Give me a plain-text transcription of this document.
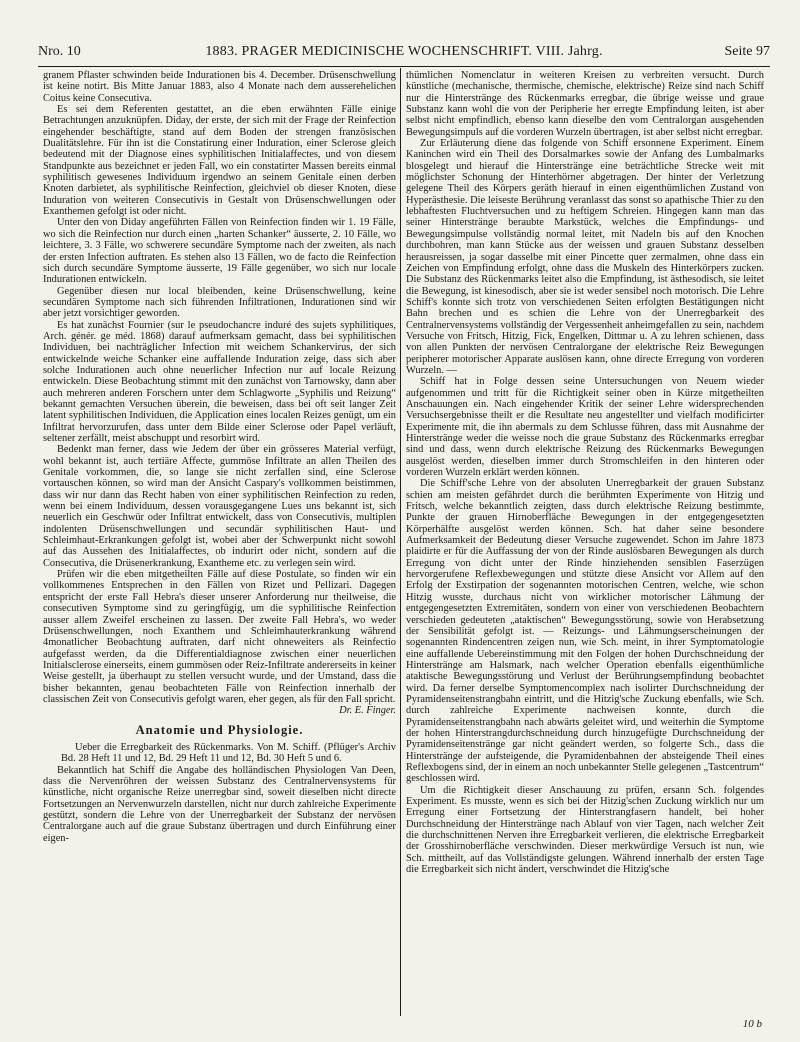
Nro. 10	1883. PRAGER MEDICINISCHE WOCHENSCHRIFT. VIII. Jahrg.	Seite 97

granem Pflaster schwinden beide Indurationen bis 4. December. Drüsenschwellung ist keine notirt. Bis Mitte Januar 1883, also 4 Monate nach dem ausserehelichen Coitus keine Consecutiva.

Es sei dem Referenten gestattet, an die eben erwähnten Fälle einige Betrachtungen anzuknüpfen. Diday, der erste, der sich mit der Frage der Reinfection eingehender beschäftigte, stand auf dem Boden der strengen französischen Dualitätslehre. Für ihn ist die Constatirung einer Induration, einer Sclerose gleich bedeutend mit der Diagnose eines syphilitischen Initialaffectes, und von diesem Standpunkte aus bezeichnet er jeden Fall, wo ein constatirter Massen bereits einmal syphilitisch gewesenes Individuum irgendwo an seinem Genitale einen derben Knoten darbietet, als syphilitische Reinfection, gleichviel ob dieser Knoten, diese Induration von weiteren Consecutivis in Gestalt von Drüsenschwellungen oder Exanthemen gefolgt ist oder nicht.

Unter den von Diday angeführten Fällen von Reinfection finden wir 1. 19 Fälle, wo sich die Reinfection nur durch einen „harten Schanker“ äusserte, 2. 10 Fälle, wo leichtere, 3. 3 Fälle, wo schwerere secundäre Symptome nach der zweiten, als nach der ersten Infection auftraten. Es stehen also 13 Fällen, wo de facto die Reinfection sich durch secundäre Symptome äusserte, 19 Fälle gegenüber, wo sich nur locale Indurationen entwickeln.

Gegenüber diesen nur local bleibenden, keine Drüsenschwellung, keine secundären Symptome nach sich führenden Infiltrationen, Indurationen sind wir aber jetzt vorsichtiger geworden.

Es hat zunächst Fournier (sur le pseudochancre induré des sujets syphilitiques, Arch. génér. ge méd. 1868) darauf aufmerksam gemacht, dass bei syphilitischen Individuen, bei nachträglicher Infection mit weichem Schankervirus, der sich entwickelnde weiche Schanker eine auffallende Induration zeige, dass sich aber solche Indurationen auch ohne neuerlicher Infection nur auf locale Reizung entwickeln. Diese Beobachtung stimmt mit den zunächst von Tarnowsky, dann aber auch mehreren anderen Forschern unter dem Schlagworte „Syphilis und Reizung“ bekannt gemachten Versuchen überein, die beweisen, dass bei oft seit langer Zeit latent syphilitischen Individuen, die Application eines localen Reizes genügt, um ein Infiltrat hervorzurufen, dass unter dem Bilde einer Sclerose oder Papel verläuft, seltener zerfällt, meist abschuppt und resorbirt wird.

Bedenkt man ferner, dass wie Jedem der über ein grösseres Material verfügt, wohl bekannt ist, auch tertiäre Affecte, gummöse Infiltrate an allen Theilen des Genitale vorkommen, die, so lange sie nicht zerfallen sind, eine Sclerose vortauschen können, so wird man der Ansicht Caspary's vollkommen beistimmen, dass wir nur dann das Recht haben von einer syphilitischen Reinfection zu reden, wenn bei einem Individuum, dessen vorausgegangene Lues uns bekannt ist, sich neuerlich ein Geschwür oder Infiltrat entwickelt, dass von Consecutivis, multiplen indolenten Drüsenschwellungen und secundär syphilitischen Haut- und Schleimhaut-Erkrankungen gefolgt ist, wobei aber der Schwerpunkt nicht sowohl auf das Aussehen des Initialaffectes, ob indurirt oder nicht, sondern auf die Consecutiva, die Drüsenerkrankung, Exantheme etc. zu verlegen sein wird.

Prüfen wir die eben mitgetheilten Fälle auf diese Postulate, so finden wir ein vollkommenes Entsprechen in den Fällen von Rizet und Pellizari. Dagegen entspricht der erste Fall Hebra's dieser unserer Anforderung nur theilweise, die consecutiven Symptome sind zu geringfügig, um die syphilitische Reinfection ausser allem Zweifel erscheinen zu lassen. Der zweite Fall Hebra's, wo weder Drüsenschwellungen, noch Exanthem und Schleimhauterkrankung während 4monatlicher Beobachtung auftraten, darf nicht ohneweiters als Reinfectio aufgefasst werden, da die Differentialdiagnose zwischen einer neuerlichen Initialsclerose einerseits, einem gummösen oder Reiz-Infiltrate andererseits in keiner Weise gestellt, ja überhaupt zu stellen versucht wurde, und der Umstand, dass die bisher bekannten, genau beobachteten Fälle von Reinfection innerhalb der classischen Zeit von Consecutivis gefolgt waren, eher gegen, als für den Fall spricht.

Dr. E. Finger.
Anatomie und Physiologie.

Ueber die Erregbarkeit des Rückenmarks. Von M. Schiff. (Pflüger's Archiv Bd. 28 Heft 11 und 12, Bd. 29 Heft 11 und 12, Bd. 30 Heft 5 und 6.

Bekanntlich hat Schiff die Angabe des holländischen Physiologen Van Deen, dass die Nervenröhren der weissen Substanz des Centralnervensystems für künstliche, nicht organische Reize unerregbar sind, soweit dieselben nicht directe Fortsetzungen an Nervenwurzeln darstellen, nicht nur durch zahlreiche Experimente gestützt, sondern die Lehre von der Unerregbarkeit der Substanz der nervösen Centralorgane auch auf die graue Substanz übertragen und durch Einführung einer eigen-

thümlichen Nomenclatur in weiteren Kreisen zu verbreiten versucht. Durch künstliche (mechanische, thermische, chemische, elektrische) Reize sind nach Schiff nur die Hinterstränge des Rückenmarks erregbar, die übrige weisse und graue Substanz kann wohl die von der Peripherie her erregte Empfindung leiten, ist aber selbst nicht empfindlich, ebenso kann dieselbe den vom Centralorgan ausgehenden Bewegungsimpuls auf die vorderen Wurzeln übertragen, ist aber selbst nicht erregbar.

Zur Erläuterung diene das folgende von Schiff ersonnene Experiment. Einem Kaninchen wird ein Theil des Dorsalmarkes sowie der Anfang des Lumbalmarks blosgelegt und hierauf die Hinterstränge eine beträchtliche Strecke weit mit möglichster Schonung der Hinterhörner abgetragen. Der hinter der Verletzung gelegene Theil des Körpers geräth hierauf in einen eigenthümlichen Zustand von Hyperästhesie. Die leiseste Berührung veranlasst das sonst so apathische Thier zu den lebhaftesten Fluchtversuchen und zu heftigem Schreien. Hingegen kann man das seiner Hinterstränge beraubte Markstück, welches die Empfindungs- und Bewegungsimpulse vollständig normal leitet, mit Nadeln bis auf den Knochen durchbohren, man kann Stücke aus der weissen und grauen Substanz desselben herausreissen, ja sogar dasselbe mit einer Pincette quer zermalmen, ohne dass ein Zeichen von Empfindung erfolgt, ohne dass die Muskeln des Hinterkörpers zucken. Die Substanz des Rückenmarks leitet also die Empfindung, ist ästhesodisch, sie leitet die Bewegung, ist kinesodisch, aber sie ist weder sensibel noch motorisch. Die Lehre Schiff's konnte sich trotz von verschiedenen Seiten erfolgten Bestätigungen nicht Bahn brechen und es schien die Lehre von der Unerregbarkeit des Centralnervensystems vollständig der Vergessenheit anheimgefallen zu sein, nachdem Versuche von Fritsch, Hitzig, Fick, Engelken, Dittmar u. A zu lehren schienen, dass von allen Punkten der nervösen Centralorgane der elektrische Reiz Bewegungen peripherer motorischer Apparate auslösen kann, ohne directe Erregung von vorderen Wurzeln. —

Schiff hat in Folge dessen seine Untersuchungen von Neuem wieder aufgenommen und tritt für die Richtigkeit seiner oben in Kürze mitgetheilten Anschauungen ein. Nach eingehender Kritik der seiner Lehre widersprechenden Versuchsergebnisse theilt er die Resultate neu angestellter und vielfach modificirter Experimente mit, die ihn abermals zu dem Schlusse führen, dass mit Ausnahme der Hinterstränge weder die weisse noch die graue Substanz des Rückenmarks erregbar sind und dass, wenn durch elektrische Reizung des Rückenmarks Bewegungen ausgelöst werden, dieselben immer durch Stromschleifen in den hinteren oder vorderen Wurzeln erklärt werden können.

Die Schiff'sche Lehre von der absoluten Unerregbarkeit der grauen Substanz schien am meisten gefährdet durch die berühmten Experimente von Hitzig und Fritsch, welche bekanntlich zeigten, dass durch elektrische Reizung bestimmte, Punkte der grauen Hirnoberfläche Bewegungen in der entgegengesetzten Körperhälfte ausgelöst werden können. Sch. hat daher seine besondere Aufmerksamkeit der Bedeutung dieser Versuche zugewendet. Schon im Jahre 1873 plaidirte er für die Auffassung der von der Rinde auslösbaren Bewegungen als durch Erregung von dicht unter der Rinde hinziehenden sensiblen Faserzügen hervorgerufene Reflexbewegungen und stützte diese Ansicht vor Allem auf den Erfolg der Exstirpation der sogenannten motorischen Centren, welche, wie schon Hitzig wusste, durchaus nicht von wirklicher motorischer Lähmung der entgegengesetzten Extremitäten, sondern von einer von verschiedenen Beobachtern verschieden gedeuteten „ataktischen“ Bewegungsstörung, sowie von Herabsetzung der Sensibilität gefolgt ist. — Reizungs- und Lähmungserscheinungen der sogenannten Rindencentren zeigen nun, wie Sch. meint, in ihrer Symptomatologie eine auffallende Uebereinstimmung mit den Folgen der hohen Durchschneidung der Hinterstränge am Halsmark, nach welcher Operation ebenfalls eigenthümliche ataktische Bewegungsstörung und Verlust der Berührungsempfindung beobachtet wird. Da ferner derselbe Symptomencomplex nach isolirter Durchschneidung der Pyramidenseitenstrangbahn eintritt, und die Hitzig'sche Zuckung ebenfalls, wie Sch. durch zahlreiche Experimente nachweisen konnte, durch die Pyramidenseitenstrangbahn nach abwärts geleitet wird, und weiterhin die Symptome der hohen Hinterstrangdurchschneidung durch hinzugefügte Durchschneidung der Pyramidenseitenstränge gar nicht geändert werden, so folgerte Sch., dass die Hinterstränge der aufsteigende, die Pyramidenbahnen der absteigende Theil eines Reflexbogens sind, der in einem an noch unbekannter Stelle gelegenen „Tastcentrum“ geschlossen wird.

Um die Richtigkeit dieser Anschauung zu prüfen, ersann Sch. folgendes Experiment. Es musste, wenn es sich bei der Hitzig'schen Zuckung wirklich nur um Erregung einer Fortsetzung der Hinterstrangfasern handelt, bei hoher Durchschneidung der Hinterstränge nach Ablauf von vier Tagen, nach welcher Zeit die durchschnittenen Nerven ihre Erregbarkeit verlieren, die elektrische Erregbarkeit der Grosshirnoberfläche verschwinden. Dieser merkwürdige Versuch ist nun, wie Sch. mittheilt, auf das Vollständigste gelungen. Während innerhalb der ersten Tage die Erregbarkeit sich nicht ändert, verschwindet die Hitzig'sche

10 b
